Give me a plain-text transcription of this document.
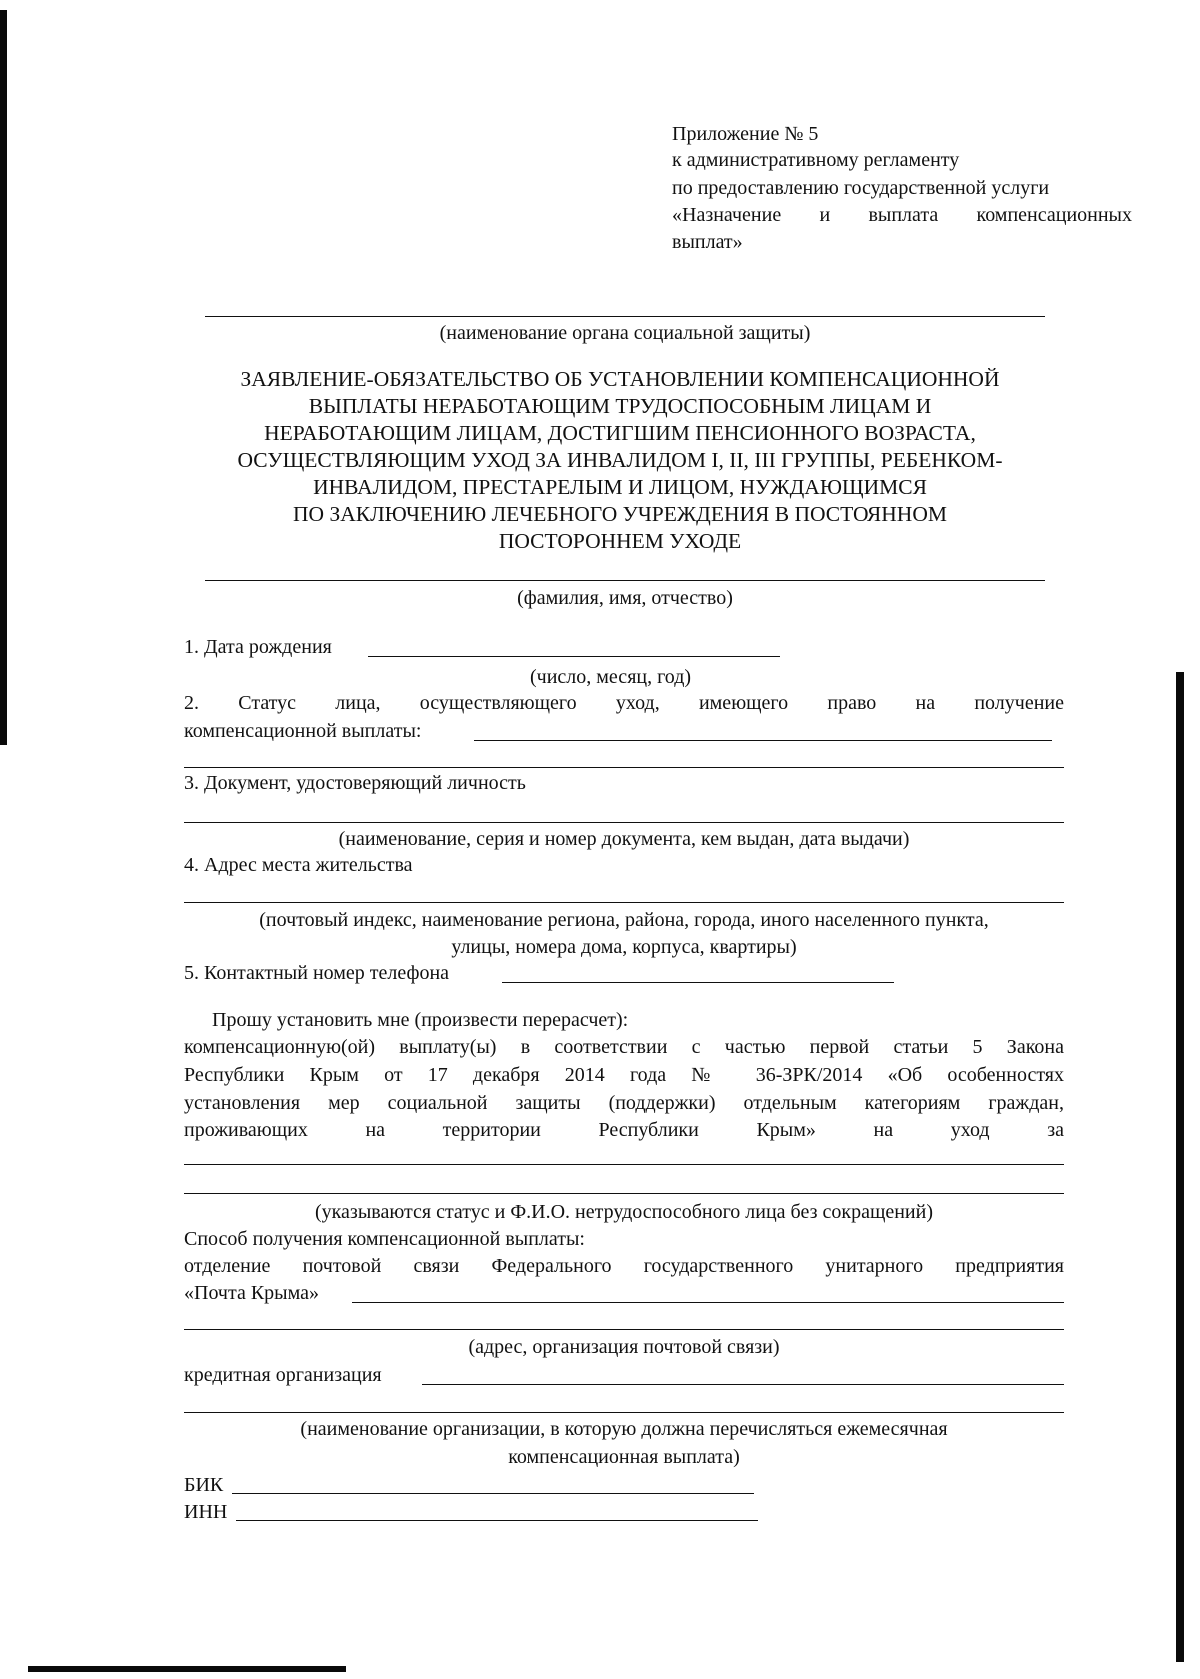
Приложение № 5
к административному регламенту
по предоставлению государственной услуги
«Назначение и выплата компенсационных
выплат»
(наименование органа социальной защиты)
ЗАЯВЛЕНИЕ-ОБЯЗАТЕЛЬСТВО ОБ УСТАНОВЛЕНИИ КОМПЕНСАЦИОННОЙ
ВЫПЛАТЫ НЕРАБОТАЮЩИМ ТРУДОСПОСОБНЫМ ЛИЦАМ И
НЕРАБОТАЮЩИМ ЛИЦАМ, ДОСТИГШИМ ПЕНСИОННОГО ВОЗРАСТА,
ОСУЩЕСТВЛЯЮЩИМ УХОД ЗА ИНВАЛИДОМ I, II, III ГРУППЫ, РЕБЕНКОМ-
ИНВАЛИДОМ, ПРЕСТАРЕЛЫМ И ЛИЦОМ, НУЖДАЮЩИМСЯ
ПО ЗАКЛЮЧЕНИЮ ЛЕЧЕБНОГО УЧРЕЖДЕНИЯ В ПОСТОЯННОМ
ПОСТОРОННЕМ УХОДЕ
(фамилия, имя, отчество)
1. Дата рождения
(число, месяц, год)
2. Статус лица, осуществляющего уход, имеющего право на получение
компенсационной выплаты:
3. Документ, удостоверяющий личность
(наименование, серия и номер документа, кем выдан, дата выдачи)
4. Адрес места жительства
(почтовый индекс, наименование региона, района, города, иного населенного пункта,
улицы, номера дома, корпуса, квартиры)
5. Контактный номер телефона
Прошу установить мне (произвести перерасчет):
компенсационную(ой) выплату(ы) в соответствии с частью первой статьи 5 Закона
Республики Крым от 17 декабря 2014 года № 36-ЗРК/2014 «Об особенностях
установления мер социальной защиты (поддержки) отдельным категориям граждан,
проживающих на территории Республики Крым» на уход за
(указываются статус и Ф.И.О. нетрудоспособного лица без сокращений)
Способ получения компенсационной выплаты:
отделение почтовой связи Федерального государственного унитарного предприятия
«Почта Крыма»
(адрес, организация почтовой связи)
кредитная организация
(наименование организации, в которую должна перечисляться ежемесячная
компенсационная выплата)
БИК
ИНН
